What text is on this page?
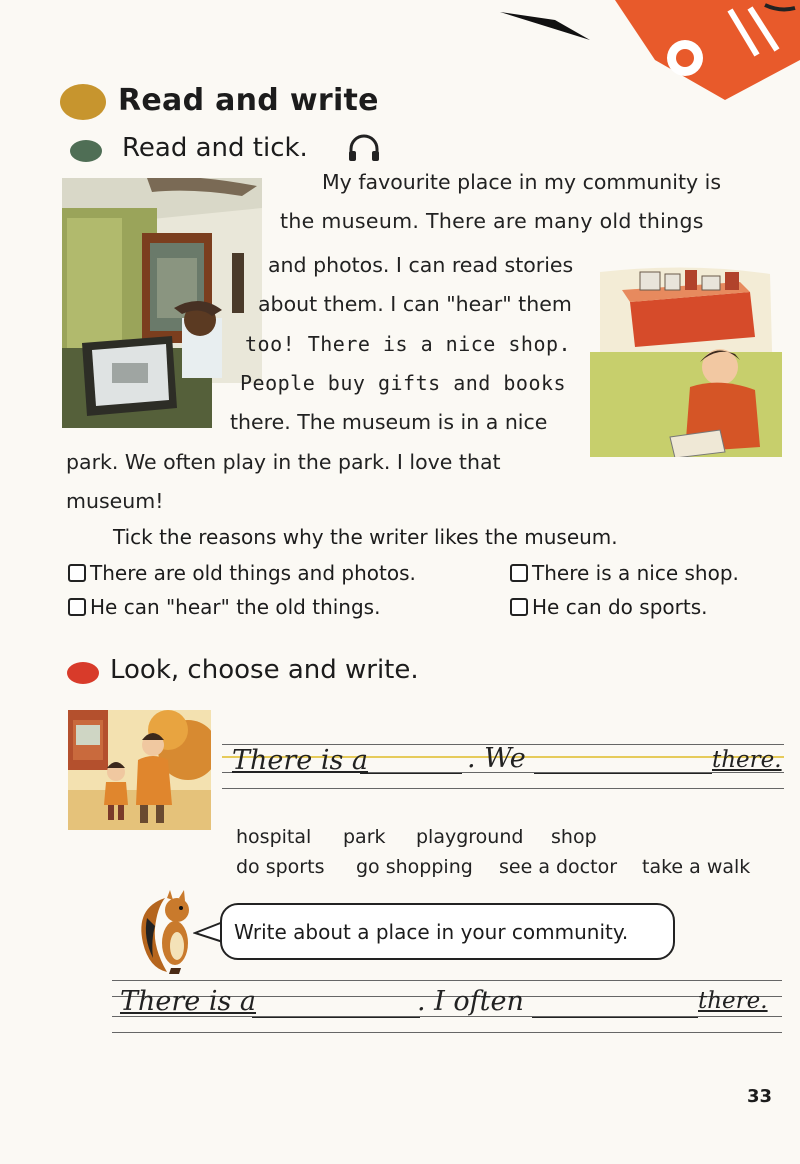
Read and write
Read and tick.
My favourite place in my community is
the museum. There are many old things
and photos. I can read stories
about them. I can "hear" them
too! There is a nice shop.
People buy gifts and books
there. The museum is in a nice
park. We often play in the park. I love that
museum!
Tick the reasons why the writer likes the museum.
There are old things and photos.	There is a nice shop.
He can "hear" the old things.	He can do sports.
Look, choose and write.
There is a	. We	there.
hospital park playground shop
do sports go shopping see a doctor take a walk
Write about a place in your community.
There is a	. I often	there.
33
